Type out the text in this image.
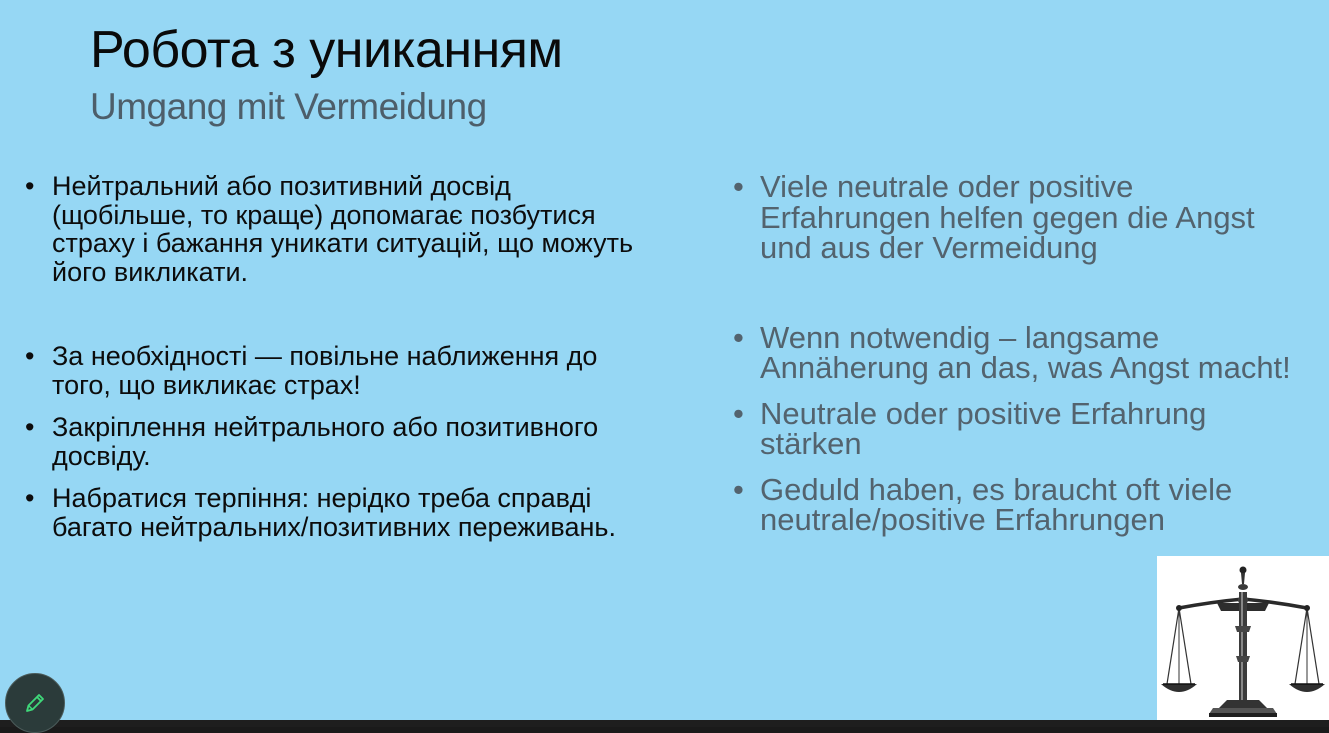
Робота з униканням
Umgang mit Vermeidung
• Нейтральний або позитивний досвід (щобільше, то краще) допомагає позбутися страху і бажання уникати ситуацій, що можуть його викликати.
• За необхідності — повільне наближення до того, що викликає страх!
• Закріплення нейтрального або позитивного досвіду.
• Набратися терпіння: нерідко треба справді багато нейтральних/позитивних переживань.
• Viele neutrale oder positive Erfahrungen helfen gegen die Angst und aus der Vermeidung
• Wenn notwendig – langsame Annäherung an das, was Angst macht!
• Neutrale oder positive Erfahrung stärken
• Geduld haben, es braucht oft viele neutrale/positive Erfahrungen
